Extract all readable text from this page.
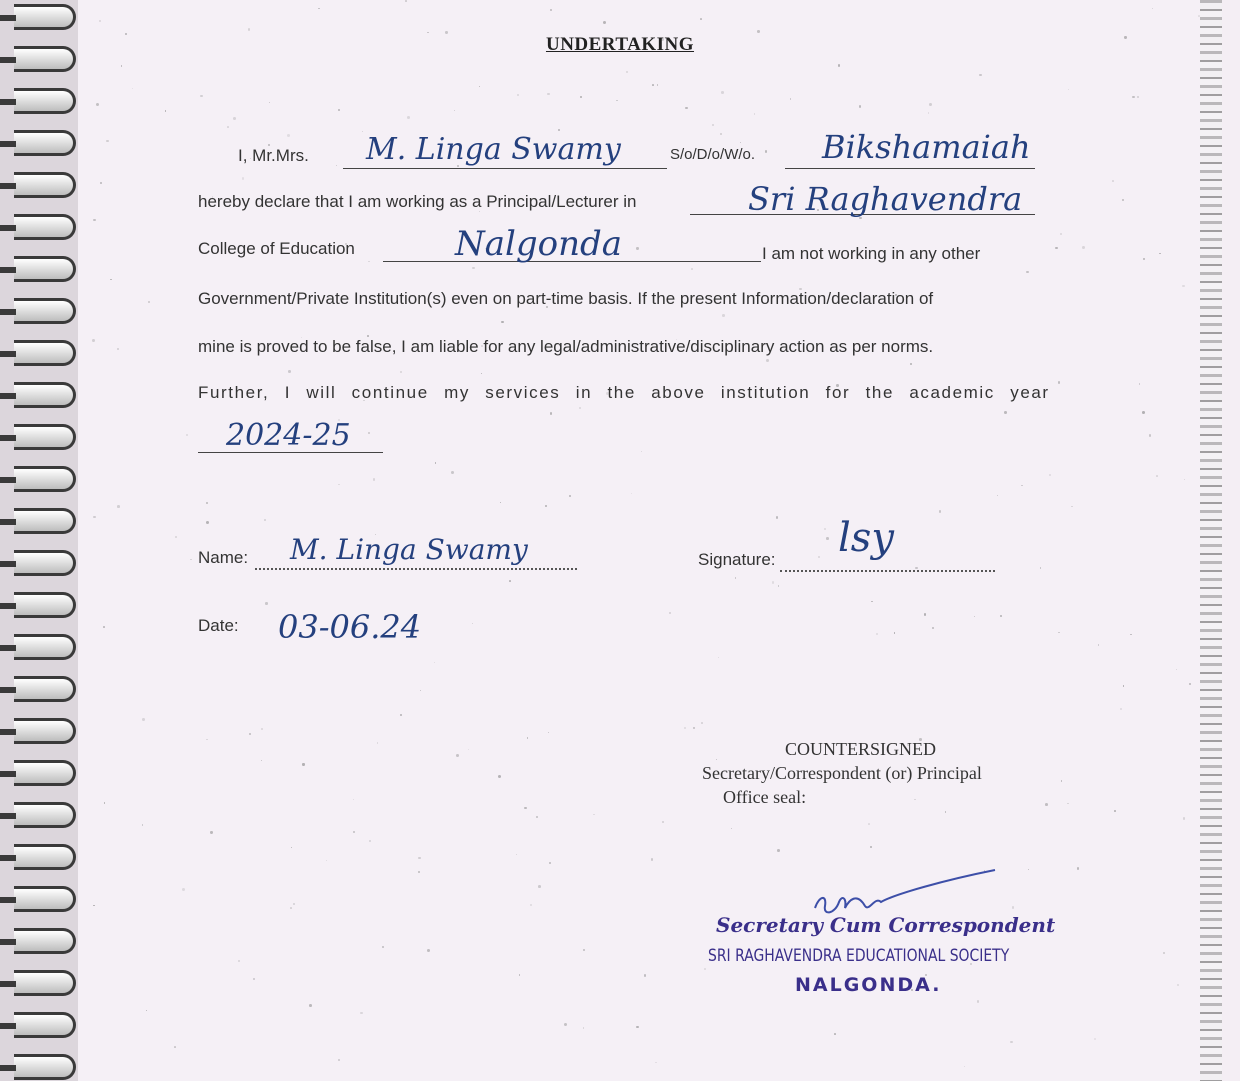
UNDERTAKING
I, Mr.Mrs. M. Linga Swamy	S/o/D/o/W/o. Bikshamaiah
hereby declare that I am working as a Principal/Lecturer in	Sri Raghavendra
College of Education	Nalgonda	I am not working in any other
Government/Private Institution(s) even on part-time basis. If the present Information/declaration of
mine is proved to be false, I am liable for any legal/administrative/disciplinary action as per norms.
Further, I will continue my services in the above institution for the academic year
2024-25
Name: M. Linga Swamy	Signature: lsy
Date: 03-06.24
COUNTERSIGNED
Secretary/Correspondent (or) Principal
Office seal:
Secretary Cum Correspondent
SRI RAGHAVENDRA EDUCATIONAL SOCIETY
NALGONDA.
